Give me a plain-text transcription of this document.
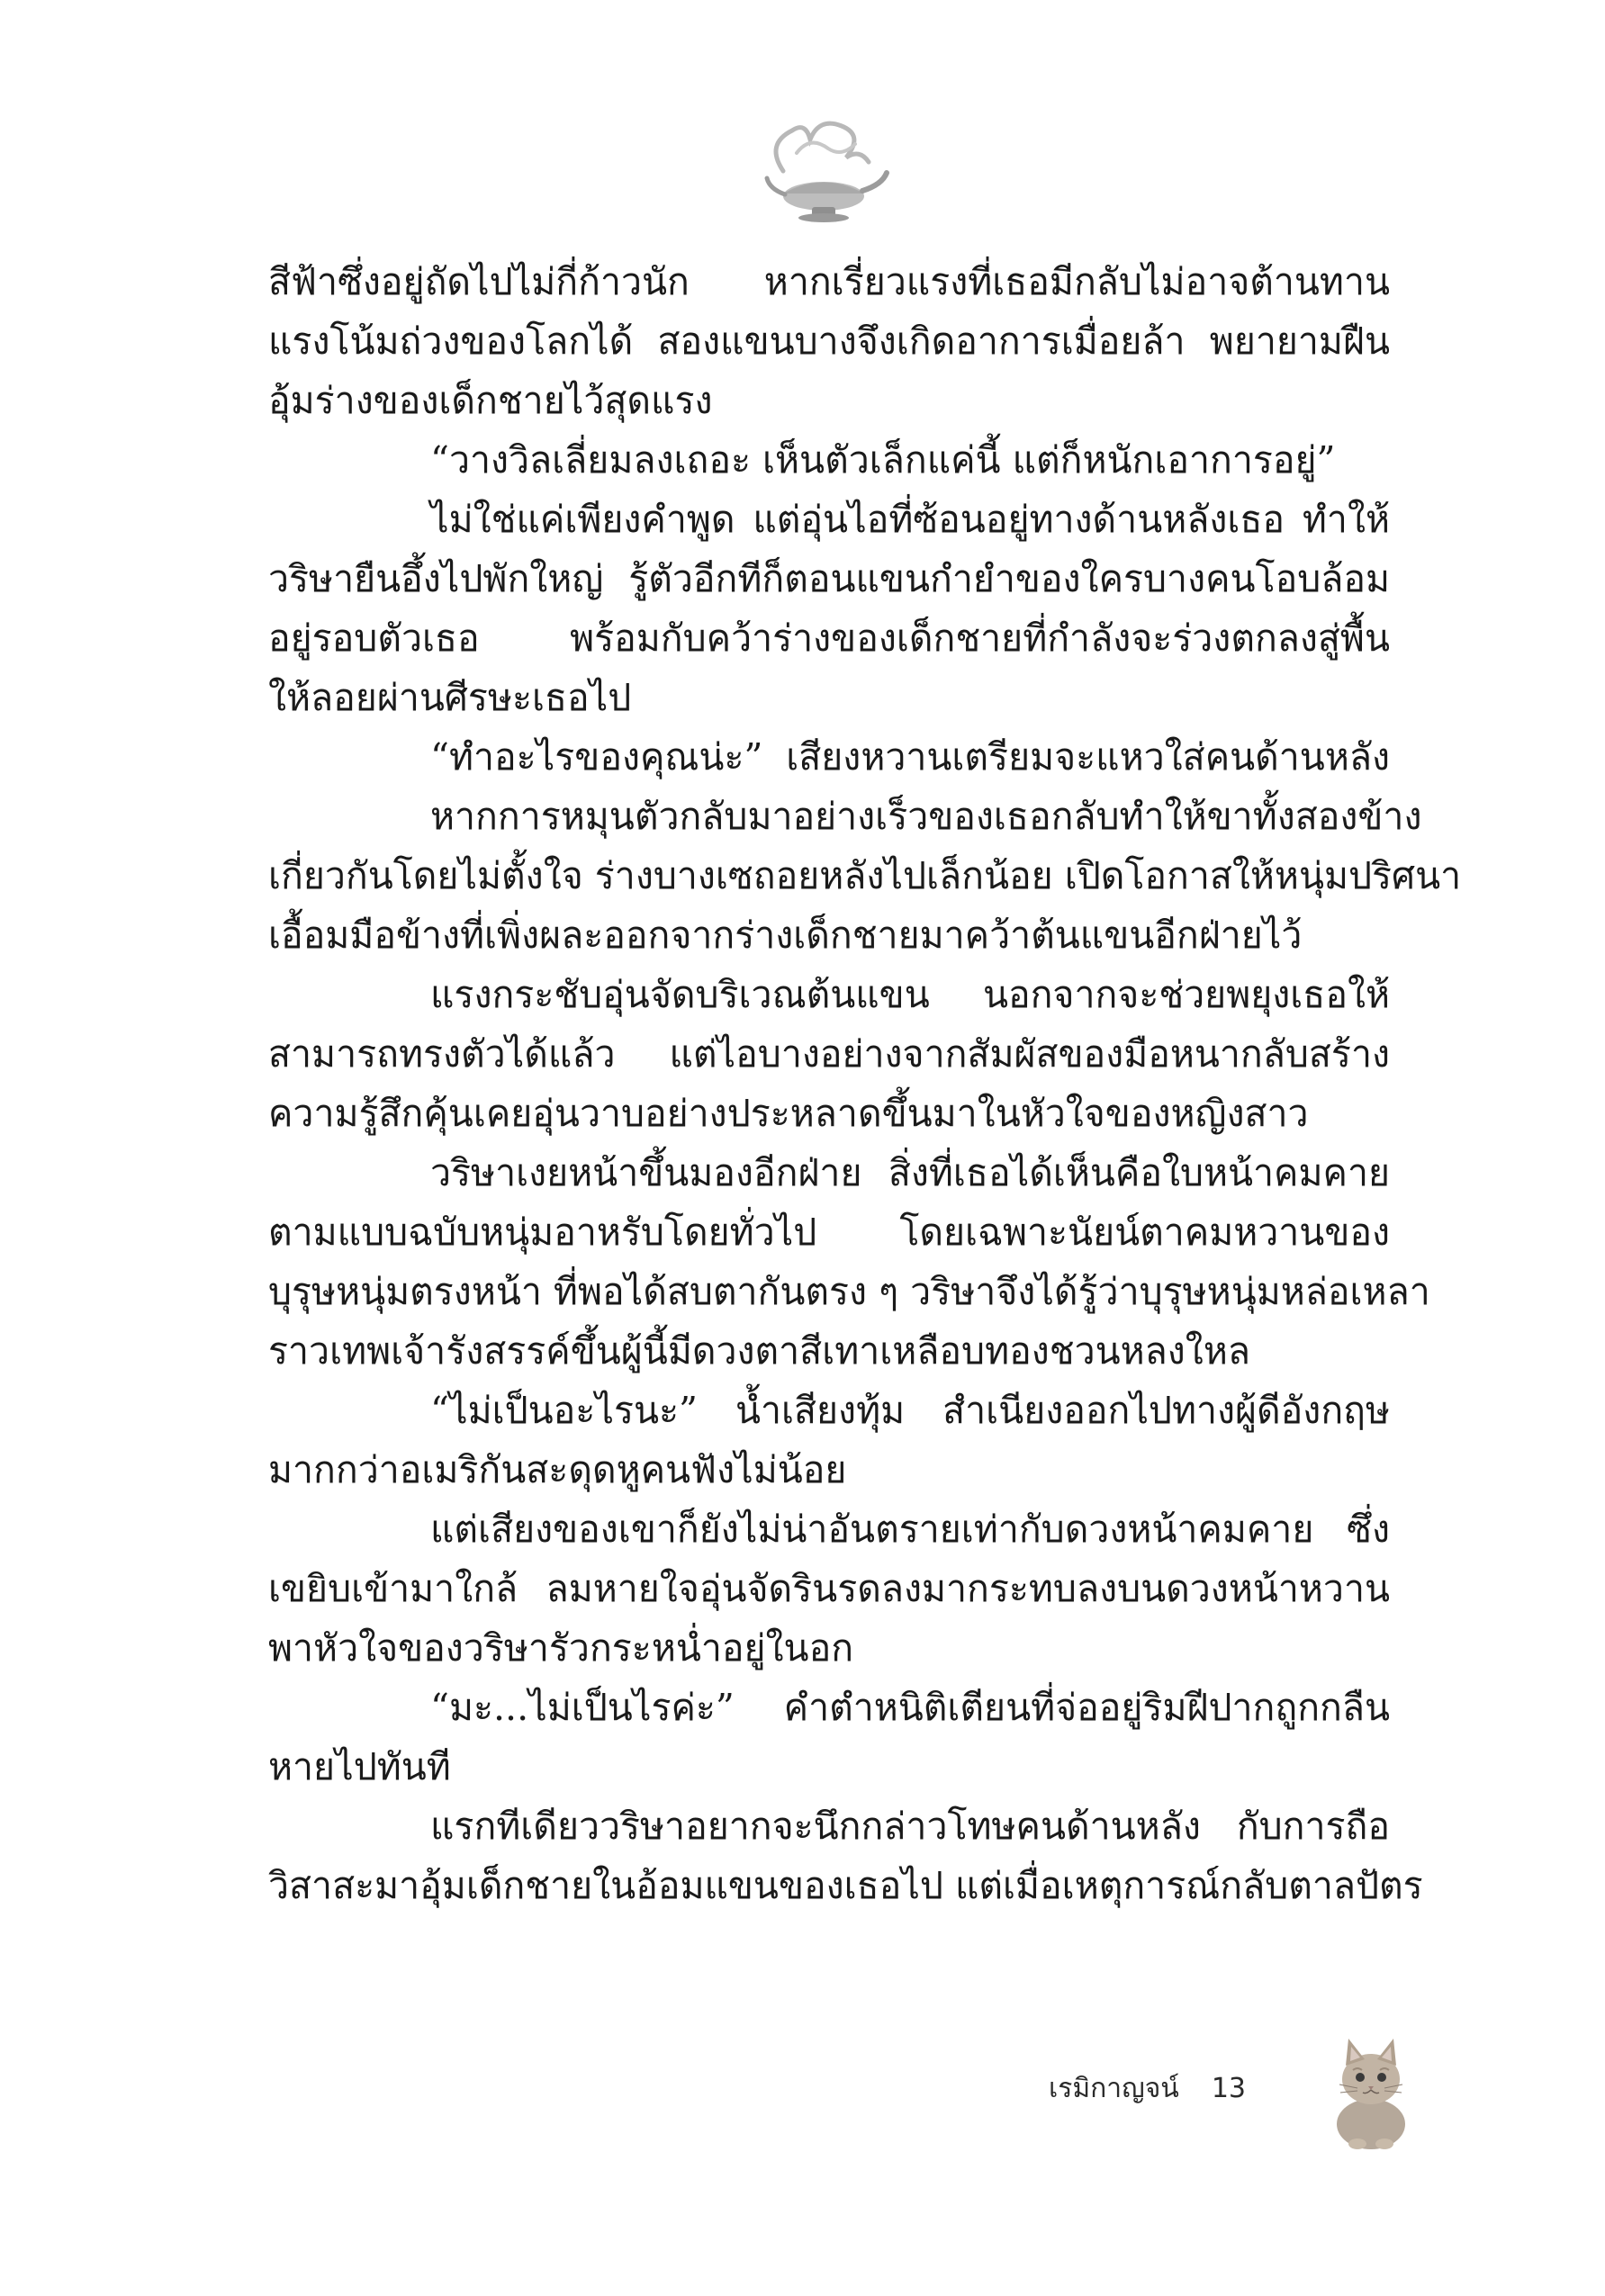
สีฟ้าซึ่งอยู่ถัดไปไม่กี่ก้าวนัก หากเรี่ยวแรงที่เธอมีกลับไม่อาจต้านทาน
แรงโน้มถ่วงของโลกได้ สองแขนบางจึงเกิดอาการเมื่อยล้า พยายามฝืน
อุ้มร่างของเด็กชายไว้สุดแรง
“วางวิลเลี่ยมลงเถอะ เห็นตัวเล็กแค่นี้ แต่ก็หนักเอาการอยู่”
ไม่ใช่แค่เพียงคำพูด แต่อุ่นไอที่ซ้อนอยู่ทางด้านหลังเธอ ทำให้
วริษายืนอึ้งไปพักใหญ่ รู้ตัวอีกทีก็ตอนแขนกำยำของใครบางคนโอบล้อม
อยู่รอบตัวเธอ พร้อมกับคว้าร่างของเด็กชายที่กำลังจะร่วงตกลงสู่พื้น
ให้ลอยผ่านศีรษะเธอไป
“ทำอะไรของคุณน่ะ” เสียงหวานเตรียมจะแหวใส่คนด้านหลัง
หากการหมุนตัวกลับมาอย่างเร็วของเธอกลับทำให้ขาทั้งสองข้าง
เกี่ยวกันโดยไม่ตั้งใจ ร่างบางเซถอยหลังไปเล็กน้อย เปิดโอกาสให้หนุ่มปริศนา
เอื้อมมือข้างที่เพิ่งผละออกจากร่างเด็กชายมาคว้าต้นแขนอีกฝ่ายไว้
แรงกระชับอุ่นจัดบริเวณต้นแขน นอกจากจะช่วยพยุงเธอให้
สามารถทรงตัวได้แล้ว แต่ไอบางอย่างจากสัมผัสของมือหนากลับสร้าง
ความรู้สึกคุ้นเคยอุ่นวาบอย่างประหลาดขึ้นมาในหัวใจของหญิงสาว
วริษาเงยหน้าขึ้นมองอีกฝ่าย สิ่งที่เธอได้เห็นคือใบหน้าคมคาย
ตามแบบฉบับหนุ่มอาหรับโดยทั่วไป โดยเฉพาะนัยน์ตาคมหวานของ
บุรุษหนุ่มตรงหน้า ที่พอได้สบตากันตรง ๆ วริษาจึงได้รู้ว่าบุรุษหนุ่มหล่อเหลา
ราวเทพเจ้ารังสรรค์ขึ้นผู้นี้มีดวงตาสีเทาเหลือบทองชวนหลงใหล
“ไม่เป็นอะไรนะ” น้ำเสียงทุ้ม สำเนียงออกไปทางผู้ดีอังกฤษ
มากกว่าอเมริกันสะดุดหูคนฟังไม่น้อย
แต่เสียงของเขาก็ยังไม่น่าอันตรายเท่ากับดวงหน้าคมคาย ซึ่ง
เขยิบเข้ามาใกล้ ลมหายใจอุ่นจัดรินรดลงมากระทบลงบนดวงหน้าหวาน
พาหัวใจของวริษารัวกระหน่ำอยู่ในอก
“มะ...ไม่เป็นไรค่ะ” คำตำหนิติเตียนที่จ่ออยู่ริมฝีปากถูกกลืน
หายไปทันที
แรกทีเดียววริษาอยากจะนึกกล่าวโทษคนด้านหลัง กับการถือ
วิสาสะมาอุ้มเด็กชายในอ้อมแขนของเธอไป แต่เมื่อเหตุการณ์กลับตาลปัตร
เรมิกาญจน์ 13
